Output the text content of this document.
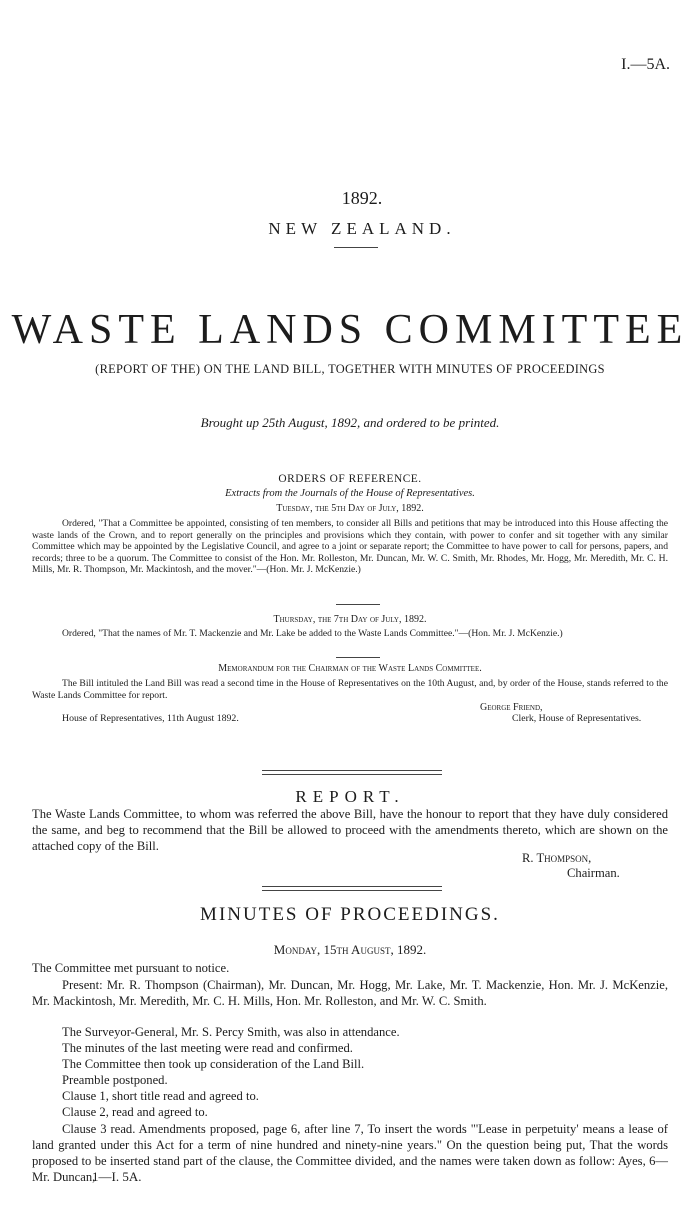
I.—5A.
1892.
NEW ZEALAND.
WASTE LANDS COMMITTEE
(REPORT OF THE) ON THE LAND BILL, TOGETHER WITH MINUTES OF PROCEEDINGS
Brought up 25th August, 1892, and ordered to be printed.
ORDERS OF REFERENCE.
Extracts from the Journals of the House of Representatives.
Tuesday, the 5th Day of July, 1892.
Ordered, "That a Committee be appointed, consisting of ten members, to consider all Bills and petitions that may be introduced into this House affecting the waste lands of the Crown, and to report generally on the principles and provisions which they contain, with power to confer and sit together with any similar Committee which may be appointed by the Legislative Council, and agree to a joint or separate report; the Committee to have power to call for persons, papers, and records; three to be a quorum. The Committee to consist of the Hon. Mr. Rolleston, Mr. Duncan, Mr. W. C. Smith, Mr. Rhodes, Mr. Hogg, Mr. Meredith, Mr. C. H. Mills, Mr. R. Thompson, Mr. Mackintosh, and the mover."—(Hon. Mr. J. McKenzie.)
Thursday, the 7th Day of July, 1892.
Ordered, "That the names of Mr. T. Mackenzie and Mr. Lake be added to the Waste Lands Committee."—(Hon. Mr. J. McKenzie.)
Memorandum for the Chairman of the Waste Lands Committee.
The Bill intituled the Land Bill was read a second time in the House of Representatives on the 10th August, and, by order of the House, stands referred to the Waste Lands Committee for report.
George Friend,
House of Representatives, 11th August 1892.	Clerk, House of Representatives.
REPORT.
The Waste Lands Committee, to whom was referred the above Bill, have the honour to report that they have duly considered the same, and beg to recommend that the Bill be allowed to proceed with the amendments thereto, which are shown on the attached copy of the Bill.
R. Thompson,
Chairman.
MINUTES OF PROCEEDINGS.
Monday, 15th August, 1892.
The Committee met pursuant to notice.
Present: Mr. R. Thompson (Chairman), Mr. Duncan, Mr. Hogg, Mr. Lake, Mr. T. Mackenzie, Hon. Mr. J. McKenzie, Mr. Mackintosh, Mr. Meredith, Mr. C. H. Mills, Hon. Mr. Rolleston, and Mr. W. C. Smith.
The Surveyor-General, Mr. S. Percy Smith, was also in attendance.
The minutes of the last meeting were read and confirmed.
The Committee then took up consideration of the Land Bill.
Preamble postponed.
Clause 1, short title read and agreed to.
Clause 2, read and agreed to.
Clause 3 read. Amendments proposed, page 6, after line 7, To insert the words "'Lease in perpetuity' means a lease of land granted under this Act for a term of nine hundred and ninety-nine years." On the question being put, That the words proposed to be inserted stand part of the clause, the Committee divided, and the names were taken down as follow: Ayes, 6—Mr. Duncan,
1—I. 5A.
